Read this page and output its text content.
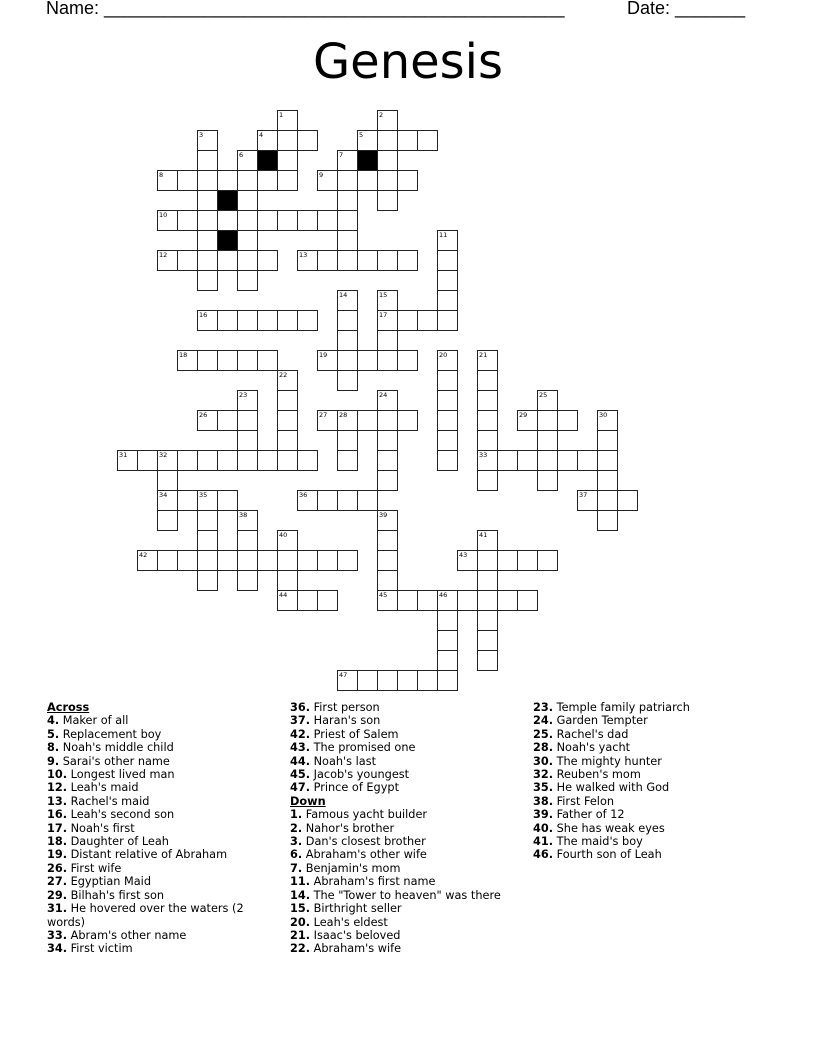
Name: ______________________________________________	Date: _______
Genesis
4	5
8	9
10
12	13
16	17
18	19
26	27 28	29
31	32	33
34	35	36	37
42	43
44	45	46
47
1	2
3
6	7
11
14	15
20	21
22
23	24	25
30
38	39
40	41
Across
4. Maker of all
5. Replacement boy
8. Noah's middle child
9. Sarai's other name
10. Longest lived man
12. Leah's maid
13. Rachel's maid
16. Leah's second son
17. Noah's first
18. Daughter of Leah
19. Distant relative of Abraham
26. First wife
27. Egyptian Maid
29. Bilhah's first son
31. He hovered over the waters (2 words)
33. Abram's other name
34. First victim
36. First person
37. Haran's son
42. Priest of Salem
43. The promised one
44. Noah's last
45. Jacob's youngest
47. Prince of Egypt
Down
1. Famous yacht builder
2. Nahor's brother
3. Dan's closest brother
6. Abraham's other wife
7. Benjamin's mom
11. Abraham's first name
14. The "Tower to heaven" was there
15. Birthright seller
20. Leah's eldest
21. Isaac's beloved
22. Abraham's wife
23. Temple family patriarch
24. Garden Tempter
25. Rachel's dad
28. Noah's yacht
30. The mighty hunter
32. Reuben's mom
35. He walked with God
38. First Felon
39. Father of 12
40. She has weak eyes
41. The maid's boy
46. Fourth son of Leah
